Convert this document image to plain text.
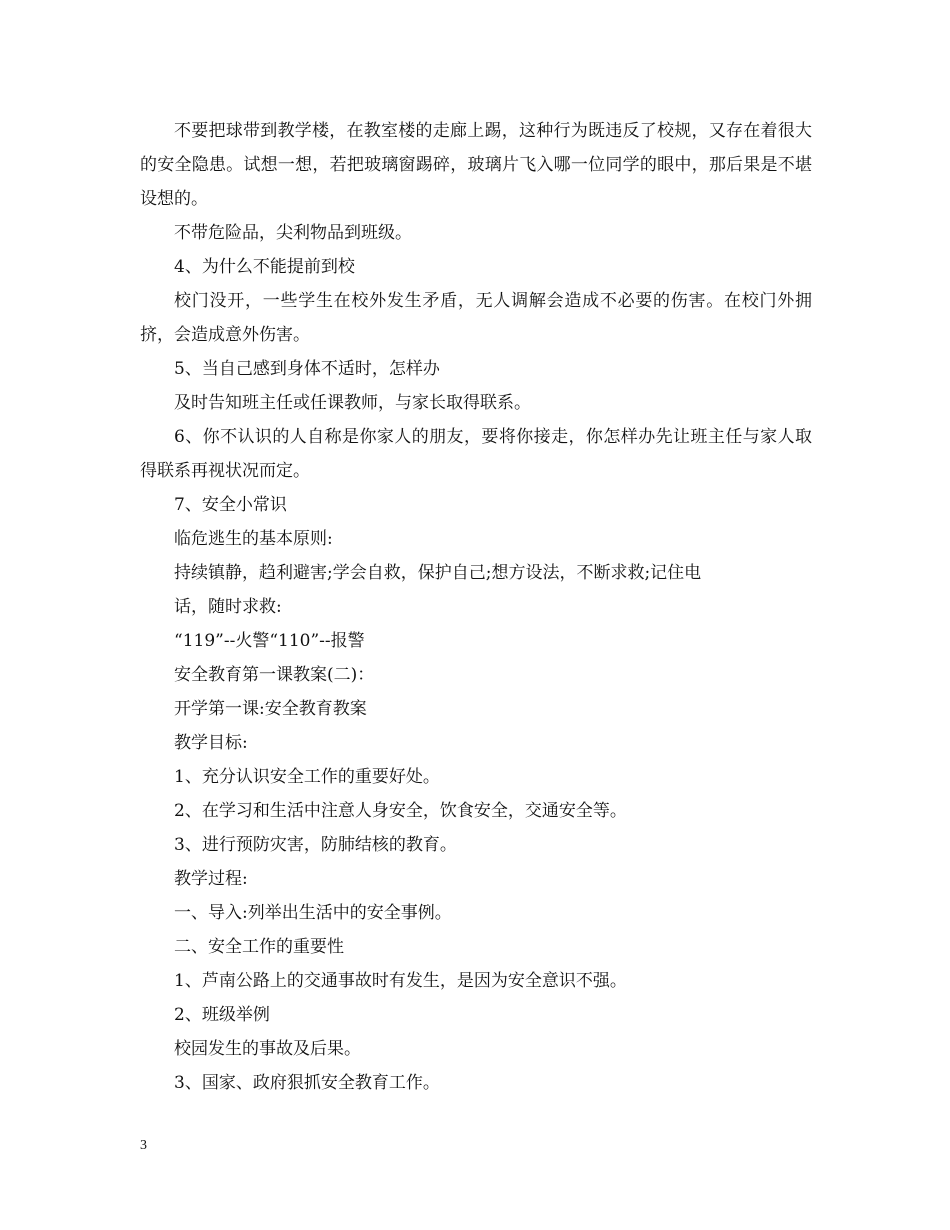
不要把球带到教学楼，在教室楼的走廊上踢，这种行为既违反了校规，又存在着很大的安全隐患。试想一想，若把玻璃窗踢碎，玻璃片飞入哪一位同学的眼中，那后果是不堪设想的。

不带危险品，尖利物品到班级。

4、为什么不能提前到校

校门没开，一些学生在校外发生矛盾，无人调解会造成不必要的伤害。在校门外拥挤，会造成意外伤害。

5、当自己感到身体不适时，怎样办

及时告知班主任或任课教师，与家长取得联系。

6、你不认识的人自称是你家人的朋友，要将你接走，你怎样办先让班主任与家人取得联系再视状况而定。

7、安全小常识

临危逃生的基本原则:

持续镇静，趋利避害;学会自救，保护自己;想方设法，不断求救;记住电

话，随时求救:

“119”--火警“110”--报警

安全教育第一课教案(二)：

开学第一课:安全教育教案

教学目标:

1、充分认识安全工作的重要好处。

2、在学习和生活中注意人身安全，饮食安全，交通安全等。

3、进行预防灾害，防肺结核的教育。

教学过程:

一、导入:列举出生活中的安全事例。

二、安全工作的重要性

1、芦南公路上的交通事故时有发生，是因为安全意识不强。

2、班级举例

校园发生的事故及后果。

3、国家、政府狠抓安全教育工作。

3
